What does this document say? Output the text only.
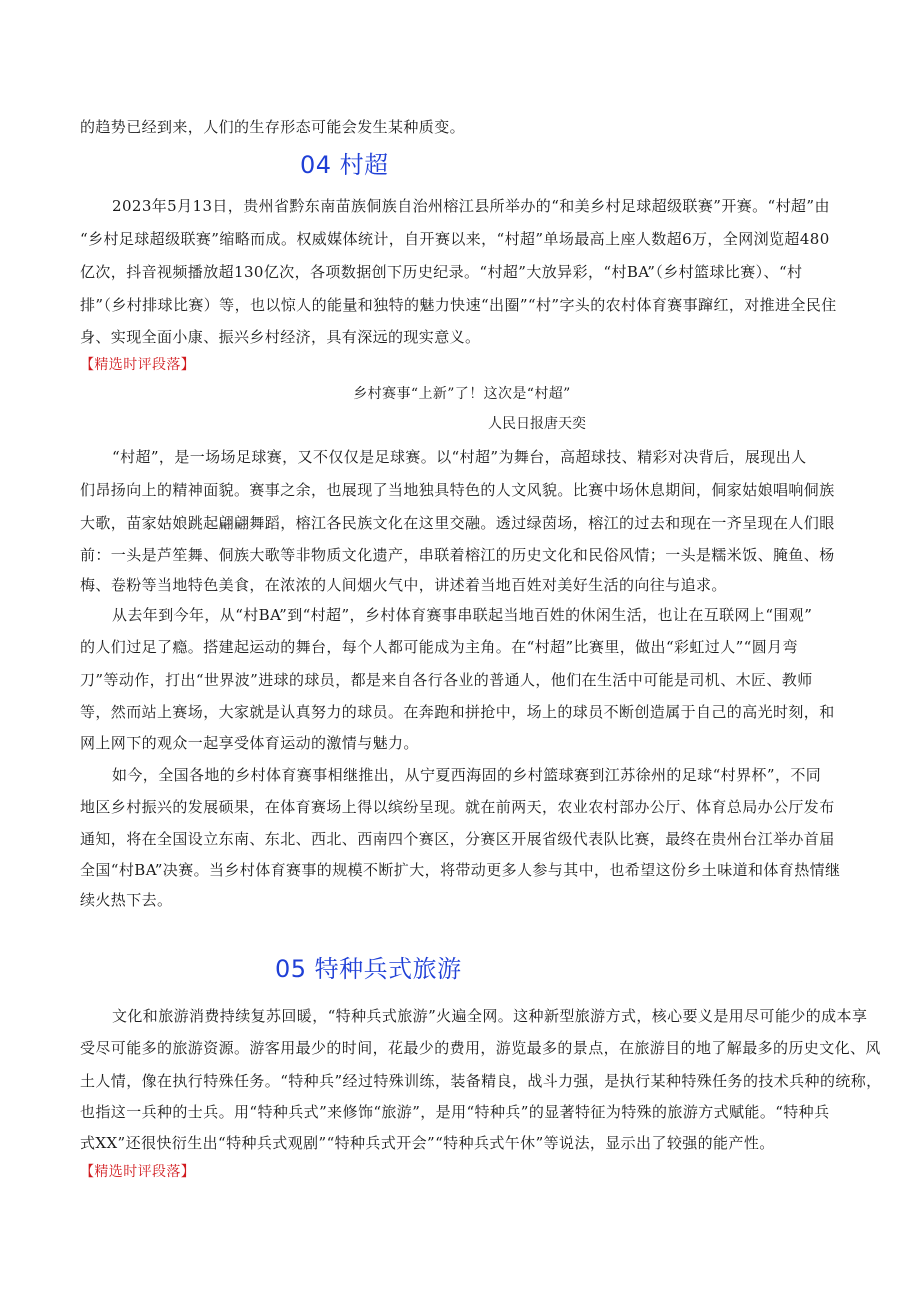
的趋势已经到来，人们的生存形态可能会发生某种质变。
04 村超
2023年5月13日，贵州省黔东南苗族侗族自治州榕江县所举办的“和美乡村足球超级联赛”开赛。“村超”由
“乡村足球超级联赛”缩略而成。权威媒体统计，自开赛以来，“村超”单场最高上座人数超6万，全网浏览超480
亿次，抖音视频播放超130亿次，各项数据创下历史纪录。“村超”大放异彩，“村BA”（乡村篮球比赛）、“村
排”（乡村排球比赛）等，也以惊人的能量和独特的魅力快速“出圈”“村”字头的农村体育赛事蹿红，对推进全民住
身、实现全面小康、振兴乡村经济，具有深远的现实意义。
【精选时评段落】
乡村赛事“上新”了！这次是“村超”
人民日报唐天奕
“村超”，是一场场足球赛，又不仅仅是足球赛。以“村超”为舞台，高超球技、精彩对决背后，展现出人
们昂扬向上的精神面貌。赛事之余，也展现了当地独具特色的人文风貌。比赛中场休息期间，侗家姑娘唱响侗族
大歌，苗家姑娘跳起翩翩舞蹈，榕江各民族文化在这里交融。透过绿茵场，榕江的过去和现在一齐呈现在人们眼
前：一头是芦笙舞、侗族大歌等非物质文化遗产，串联着榕江的历史文化和民俗风情；一头是糯米饭、腌鱼、杨
梅、卷粉等当地特色美食，在浓浓的人间烟火气中，讲述着当地百姓对美好生活的向往与追求。
从去年到今年，从“村BA”到“村超”，乡村体育赛事串联起当地百姓的休闲生活，也让在互联网上“围观”
的人们过足了瘾。搭建起运动的舞台，每个人都可能成为主角。在“村超”比赛里，做出“彩虹过人”“圆月弯
刀”等动作，打出“世界波”进球的球员，都是来自各行各业的普通人，他们在生活中可能是司机、木匠、教师
等，然而站上赛场，大家就是认真努力的球员。在奔跑和拼抢中，场上的球员不断创造属于自己的高光时刻，和
网上网下的观众一起享受体育运动的激情与魅力。
如今，全国各地的乡村体育赛事相继推出，从宁夏西海固的乡村篮球赛到江苏徐州的足球“村界杯”，不同
地区乡村振兴的发展硕果，在体育赛场上得以缤纷呈现。就在前两天，农业农村部办公厅、体育总局办公厅发布
通知，将在全国设立东南、东北、西北、西南四个赛区，分赛区开展省级代表队比赛，最终在贵州台江举办首届
全国“村BA”决赛。当乡村体育赛事的规模不断扩大，将带动更多人参与其中，也希望这份乡土味道和体育热情继
续火热下去。
05 特种兵式旅游
文化和旅游消费持续复苏回暖，“特种兵式旅游”火遍全网。这种新型旅游方式，核心要义是用尽可能少的成本享
受尽可能多的旅游资源。游客用最少的时间，花最少的费用，游览最多的景点，在旅游目的地了解最多的历史文化、风
土人情，像在执行特殊任务。“特种兵”经过特殊训练，装备精良，战斗力强，是执行某种特殊任务的技术兵种的统称，
也指这一兵种的士兵。用“特种兵式”来修饰“旅游”，是用“特种兵”的显著特征为特殊的旅游方式赋能。“特种兵
式XX”还很快衍生出“特种兵式观剧”“特种兵式开会”“特种兵式午休”等说法，显示出了较强的能产性。
【精选时评段落】
